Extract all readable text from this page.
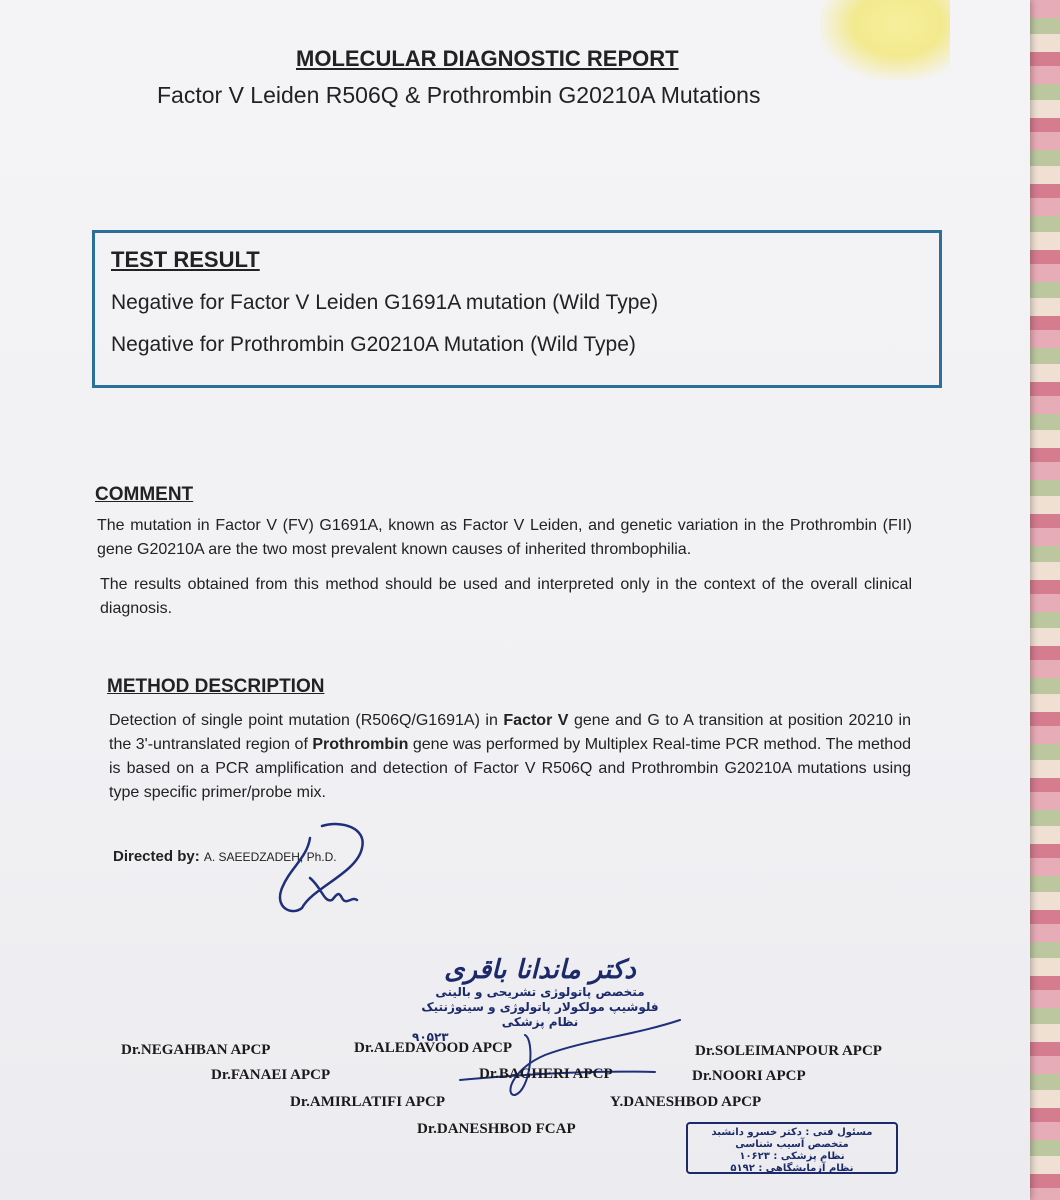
MOLECULAR DIAGNOSTIC REPORT
Factor V Leiden R506Q & Prothrombin G20210A Mutations
TEST RESULT
Negative for Factor V Leiden G1691A mutation (Wild Type)
Negative for Prothrombin G20210A Mutation (Wild Type)
COMMENT
The mutation in Factor V (FV) G1691A, known as Factor V Leiden, and genetic variation in the Prothrombin (FII) gene G20210A are the two most prevalent known causes of inherited thrombophilia.
The results obtained from this method should be used and interpreted only in the context of the overall clinical diagnosis.
METHOD DESCRIPTION
Detection of single point mutation (R506Q/G1691A) in Factor V gene and G to A transition at position 20210 in the 3'-untranslated region of Prothrombin gene was performed by Multiplex Real-time PCR method. The method is based on a PCR amplification and detection of Factor V R506Q and Prothrombin G20210A mutations using type specific primer/probe mix.
Directed by: A. SAEEDZADEH, Ph.D.
دکتر ماندانا باقری
متخصص پاتولوژی تشریحی و بالینی
فلوشیپ مولکولار پاتولوژی و سیتوژنتیک
نظام پزشکی
۹۰۵۲۳
Dr.NEGAHBAN APCP	Dr.ALEDAVOOD APCP	Dr.SOLEIMANPOUR APCP
Dr.FANAEI APCP	Dr.BAGHERI APCP	Dr.NOORI APCP
Dr.AMIRLATIFI APCP	Y.DANESHBOD APCP
Dr.DANESHBOD FCAP	مسئول فنی : دکتر خسرو دانشبد
متخصص آسیب شناسی
نظام پزشکی : ۱۰۶۲۳
نظام آزمایشگاهی : ۵۱۹۲
